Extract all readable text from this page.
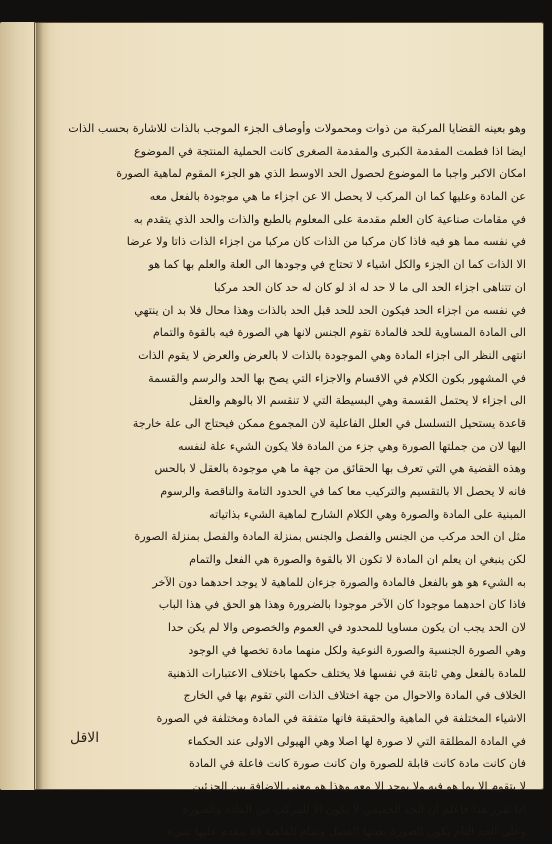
وهو بعينه القضايا المركبة من ذوات ومحمولات وأوصاف الجزء الموجب بالذات للاشارة بحسب الذات
ايضا اذا فطمت المقدمة الكبرى والمقدمة الصغرى كانت الحملية المنتجة في الموضوع
امكان الاكبر واجبا ما الموضوع لحصول الحد الاوسط الذي هو الجزء المقوم لماهية الصورة
عن المادة وعليها كما ان المركب لا يحصل الا عن اجزاء ما هي موجودة بالفعل معه
في مقامات صناعية كان العلم مقدمة على المعلوم بالطبع والذات والحد الذي يتقدم به
في نفسه مما هو فيه فاذا كان مركبا من الذات كان مركبا من اجزاء الذات ذاتا ولا عرضا
الا الذات كما ان الجزء والكل اشياء لا تحتاج في وجودها الى العلة والعلم بها كما هو
ان تتناهى اجزاء الحد الى ما لا حد له اذ لو كان له حد كان الحد مركبا
في نفسه من اجزاء الحد فيكون الحد للحد قبل الحد بالذات وهذا محال فلا بد ان ينتهي
الى المادة المساوية للحد فالمادة تقوم الجنس لانها هي الصورة فيه بالقوة والتمام
انتهى النظر الى اجزاء المادة وهي الموجودة بالذات لا بالعرض والعرض لا يقوم الذات
في المشهور بكون الكلام في الاقسام والاجزاء التي يصح بها الحد والرسم والقسمة
الى اجزاء لا يحتمل القسمة وهي البسيطة التي لا تنقسم الا بالوهم والعقل
قاعدة يستحيل التسلسل في العلل الفاعلية لان المجموع ممكن فيحتاج الى علة خارجة
اليها لان من جملتها الصورة وهي جزء من المادة فلا يكون الشيء علة لنفسه
وهذه القضية هي التي تعرف بها الحقائق من جهة ما هي موجودة بالعقل لا بالحس
فانه لا يحصل الا بالتقسيم والتركيب معا كما في الحدود التامة والناقصة والرسوم
المبنية على المادة والصورة وهي الكلام الشارح لماهية الشيء بذاتياته
مثل ان الحد مركب من الجنس والفصل والجنس بمنزلة المادة والفصل بمنزلة الصورة
لكن ينبغي ان يعلم ان المادة لا تكون الا بالقوة والصورة هي الفعل والتمام
به الشيء هو هو بالفعل فالمادة والصورة جزءان للماهية لا يوجد احدهما دون الآخر
فاذا كان احدهما موجودا كان الآخر موجودا بالضرورة وهذا هو الحق في هذا الباب
لان الحد يجب ان يكون مساويا للمحدود في العموم والخصوص والا لم يكن حدا
وهي الصورة الجنسية والصورة النوعية ولكل منهما مادة تخصها في الوجود
للمادة بالفعل وهي ثابتة في نفسها فلا يختلف حكمها باختلاف الاعتبارات الذهنية
الخلاف في المادة والاحوال من جهة اختلاف الذات التي تقوم بها في الخارج
الاشياء المختلفة في الماهية والحقيقة فانها متفقة في المادة ومختلفة في الصورة
في المادة المطلقة التي لا صورة لها اصلا وهي الهيولى الاولى عند الحكماء
فان كانت مادة كانت قابلة للصورة وان كانت صورة كانت فاعلة في المادة
لا يتقوم الا بما هو فيه ولا يوجد الا معه وهذا هو معنى الاضافة بين الجزئين
اذا تقرر هذا فاعلم ان الحد الحقيقي لا يكون الا للمركب من المادة والصورة
وعلى الحد التام يكون الصورة بعينها الفصل وتمام الماهية فلا يتقدم عليها شيء
الاقل
